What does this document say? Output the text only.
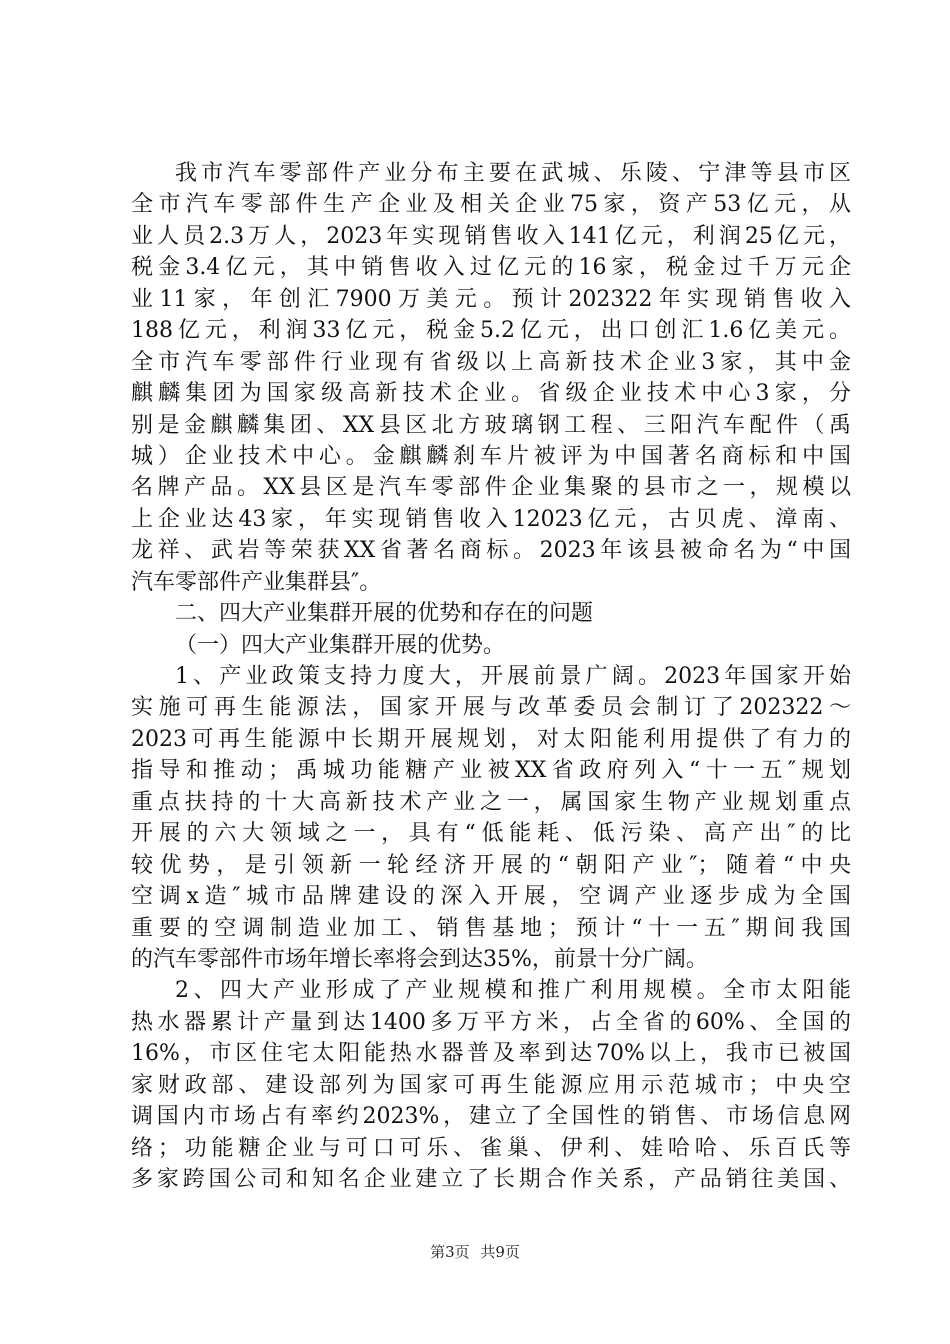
我市汽车零部件产业分布主要在武城、乐陵、宁津等县市区
全市汽车零部件生产企业及相关企业75家，资产53亿元，从
业人员2.3万人，2023年实现销售收入141亿元，利润25亿元，
税金3.4亿元，其中销售收入过亿元的16家，税金过千万元企
业11家，年创汇7900万美元。预计202322年实现销售收入
188亿元，利润33亿元，税金5.2亿元，出口创汇1.6亿美元。
全市汽车零部件行业现有省级以上高新技术企业3家，其中金
麒麟集团为国家级高新技术企业。省级企业技术中心3家，分
别是金麒麟集团、XX县区北方玻璃钢工程、三阳汽车配件（禹
城）企业技术中心。金麒麟刹车片被评为中国著名商标和中国
名牌产品。XX县区是汽车零部件企业集聚的县市之一，规模以
上企业达43家，年实现销售收入12023亿元，古贝虎、漳南、
龙祥、武岩等荣获XX省著名商标。2023年该县被命名为“中国
汽车零部件产业集群县″。
二、四大产业集群开展的优势和存在的问题
（一）四大产业集群开展的优势。
1、产业政策支持力度大，开展前景广阔。2023年国家开始
实施可再生能源法，国家开展与改革委员会制订了202322～
2023可再生能源中长期开展规划，对太阳能利用提供了有力的
指导和推动；禹城功能糖产业被XX省政府列入“十一五″规划
重点扶持的十大高新技术产业之一，属国家生物产业规划重点
开展的六大领域之一，具有“低能耗、低污染、高产出″的比
较优势，是引领新一轮经济开展的“朝阳产业″；随着“中央
空调x造″城市品牌建设的深入开展，空调产业逐步成为全国
重要的空调制造业加工、销售基地；预计“十一五″期间我国
的汽车零部件市场年增长率将会到达35%，前景十分广阔。
2、四大产业形成了产业规模和推广利用规模。全市太阳能
热水器累计产量到达1400多万平方米，占全省的60%、全国的
16%，市区住宅太阳能热水器普及率到达70%以上，我市已被国
家财政部、建设部列为国家可再生能源应用示范城市；中央空
调国内市场占有率约2023%，建立了全国性的销售、市场信息网
络；功能糖企业与可口可乐、雀巢、伊利、娃哈哈、乐百氏等
多家跨国公司和知名企业建立了长期合作关系，产品销往美国、
第3页 共9页
